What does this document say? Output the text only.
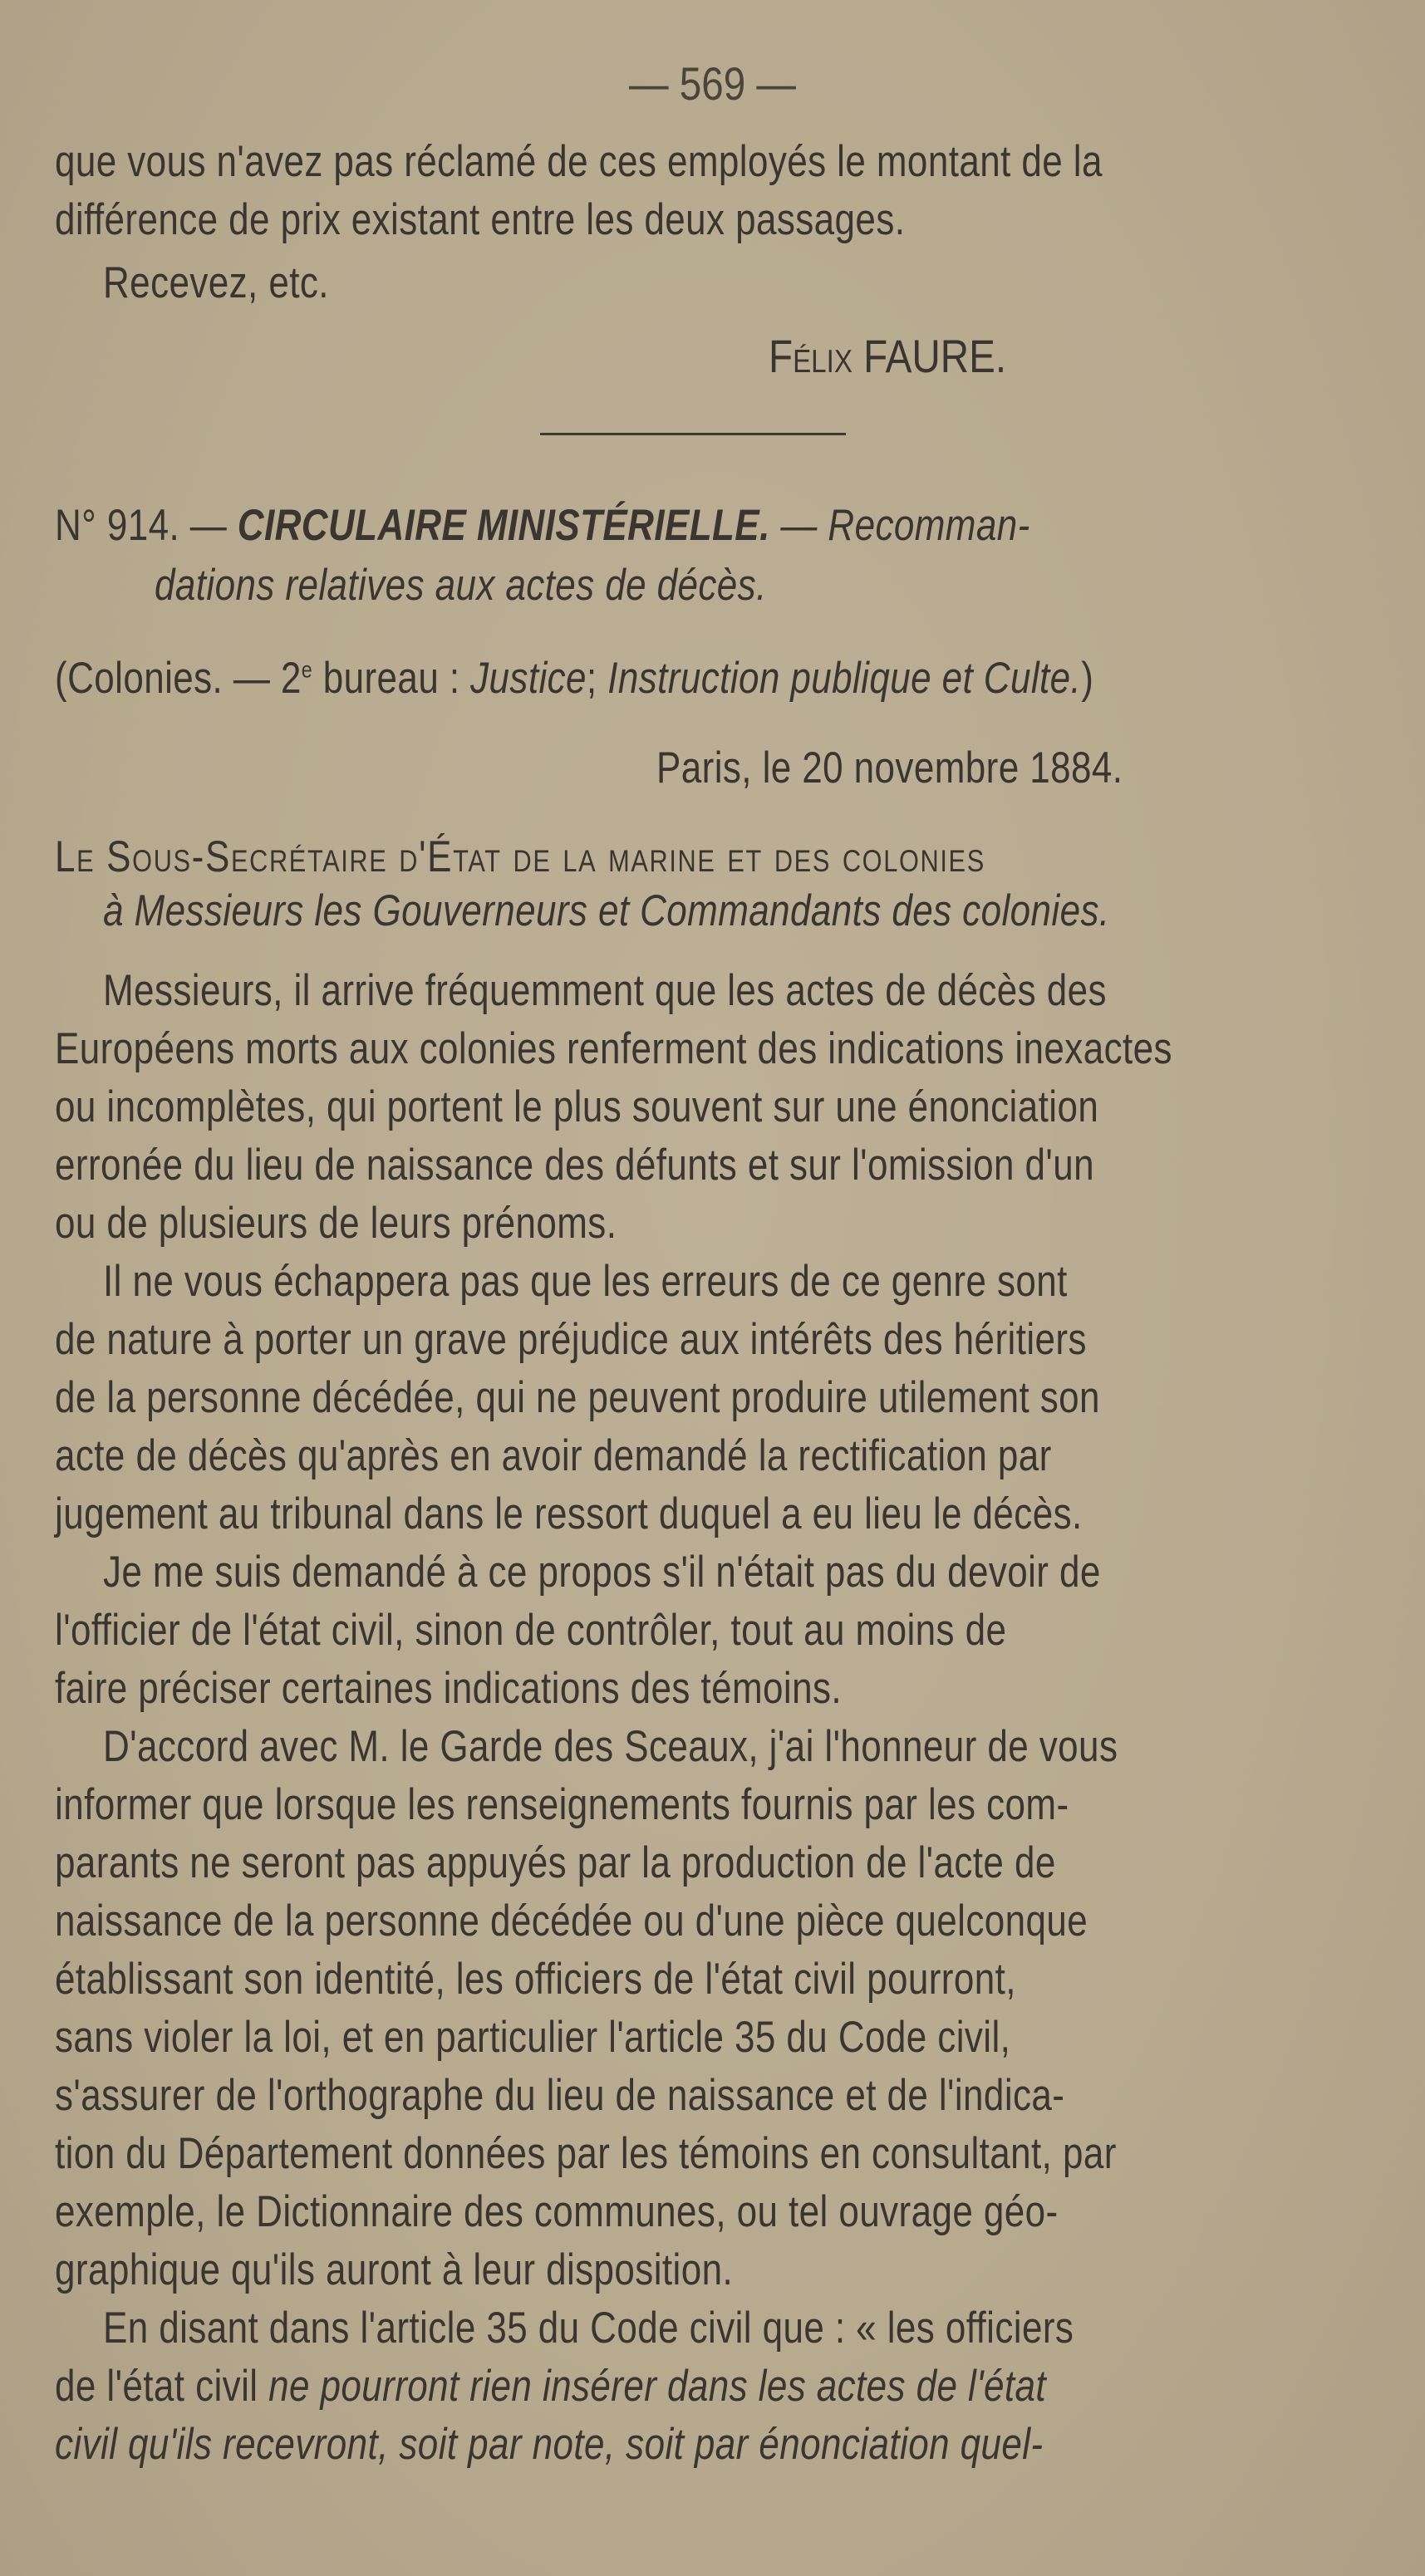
— 569 —
que vous n'avez pas réclamé de ces employés le montant de la
différence de prix existant entre les deux passages.
Recevez, etc.
Félix FAURE.
N° 914. — CIRCULAIRE MINISTÉRIELLE. — Recomman-
dations relatives aux actes de décès.
(Colonies. — 2e bureau : Justice; Instruction publique et Culte.)
Paris, le 20 novembre 1884.
Le Sous-Secrétaire d'État de la marine et des colonies
à Messieurs les Gouverneurs et Commandants des colonies.
Messieurs, il arrive fréquemment que les actes de décès des
Européens morts aux colonies renferment des indications inexactes
ou incomplètes, qui portent le plus souvent sur une énonciation
erronée du lieu de naissance des défunts et sur l'omission d'un
ou de plusieurs de leurs prénoms.
Il ne vous échappera pas que les erreurs de ce genre sont
de nature à porter un grave préjudice aux intérêts des héritiers
de la personne décédée, qui ne peuvent produire utilement son
acte de décès qu'après en avoir demandé la rectification par
jugement au tribunal dans le ressort duquel a eu lieu le décès.
Je me suis demandé à ce propos s'il n'était pas du devoir de
l'officier de l'état civil, sinon de contrôler, tout au moins de
faire préciser certaines indications des témoins.
D'accord avec M. le Garde des Sceaux, j'ai l'honneur de vous
informer que lorsque les renseignements fournis par les com-
parants ne seront pas appuyés par la production de l'acte de
naissance de la personne décédée ou d'une pièce quelconque
établissant son identité, les officiers de l'état civil pourront,
sans violer la loi, et en particulier l'article 35 du Code civil,
s'assurer de l'orthographe du lieu de naissance et de l'indica-
tion du Département données par les témoins en consultant, par
exemple, le Dictionnaire des communes, ou tel ouvrage géo-
graphique qu'ils auront à leur disposition.
En disant dans l'article 35 du Code civil que : « les officiers
de l'état civil ne pourront rien insérer dans les actes de l'état
civil qu'ils recevront, soit par note, soit par énonciation quel-
